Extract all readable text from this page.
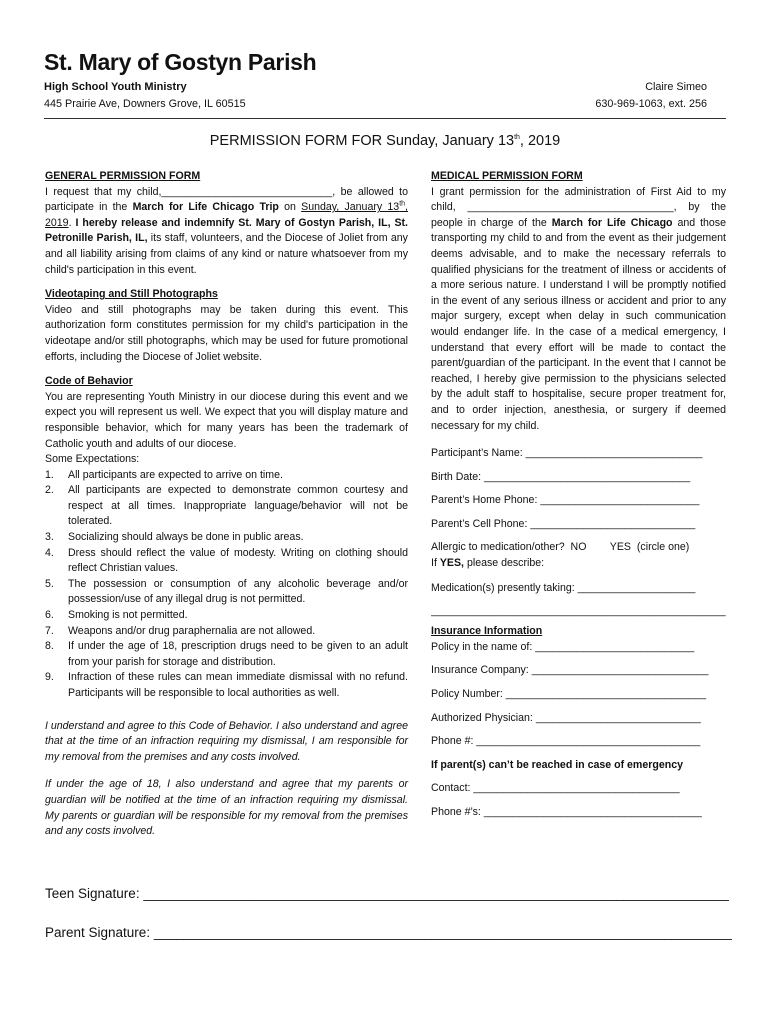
St. Mary of Gostyn Parish
High School Youth Ministry
445 Prairie Ave, Downers Grove, IL 60515
Claire Simeo
630-969-1063, ext. 256
PERMISSION FORM FOR Sunday, January 13th, 2019
GENERAL PERMISSION FORM

I request that my child,_____________________________, be allowed to participate in the March for Life Chicago Trip on Sunday, January 13th, 2019. I hereby release and indemnify St. Mary of Gostyn Parish, IL, St. Petronille Parish, IL, its staff, volunteers, and the Diocese of Joliet from any and all liability arising from claims of any kind or nature whatsoever from my child's participation in this event.

Videotaping and Still Photographs

Video and still photographs may be taken during this event. This authorization form constitutes permission for my child's participation in the videotape and/or still photographs, which may be used for future promotional efforts, including the Diocese of Joliet website.

Code of Behavior

You are representing Youth Ministry in our diocese during this event and we expect you will represent us well. We expect that you will display mature and responsible behavior, which for many years has been the trademark of Catholic youth and adults of our diocese.

Some Expectations:
1. All participants are expected to arrive on time.
2. All participants are expected to demonstrate common courtesy and respect at all times. Inappropriate language/behavior will not be tolerated.
3. Socializing should always be done in public areas.
4. Dress should reflect the value of modesty. Writing on clothing should reflect Christian values.
5. The possession or consumption of any alcoholic beverage and/or possession/use of any illegal drug is not permitted.
6. Smoking is not permitted.
7. Weapons and/or drug paraphernalia are not allowed.
8. If under the age of 18, prescription drugs need to be given to an adult from your parish for storage and distribution.
9. Infraction of these rules can mean immediate dismissal with no refund. Participants will be responsible to local authorities as well.

I understand and agree to this Code of Behavior. I also understand and agree that at the time of an infraction requiring my dismissal, I am responsible for my removal from the premises and any costs involved.

If under the age of 18, I also understand and agree that my parents or guardian will be notified at the time of an infraction requiring my dismissal. My parents or guardian will be responsible for my removal from the premises and any costs involved.

MEDICAL PERMISSION FORM

I grant permission for the administration of First Aid to my child, ___________________________________, by the people in charge of the March for Life Chicago and those transporting my child to and from the event as their judgement deems advisable, and to make the necessary referrals to qualified physicians for the treatment of illness or accidents of a more serious nature. I understand I will be promptly notified in the event of any serious illness or accident and prior to any major surgery, except when delay in such communication would endanger life. In the case of a medical emergency, I understand that every effort will be made to contact the parent/guardian of the participant. In the event that I cannot be reached, I hereby give permission to the physicians selected by the adult staff to hospitalise, secure proper treatment for, and to order injection, anesthesia, or surgery if deemed necessary for my child.

Participant’s Name: ______________________________
Birth Date: ___________________________________
Parent’s Home Phone: ___________________________
Parent’s Cell Phone: ____________________________
Allergic to medication/other?  NO        YES  (circle one)
If YES, please describe:
Medication(s) presently taking: ____________________
__________________________________________________
Insurance Information
Policy in the name of: ___________________________
Insurance Company: ______________________________
Policy Number: __________________________________
Authorized Physician: ____________________________
Phone #: ______________________________________
If parent(s) can’t be reached in case of emergency
Contact: ___________________________________
Phone #’s: _____________________________________
Teen Signature: ______________________________________________________________________________
Parent Signature: _____________________________________________________________________________
